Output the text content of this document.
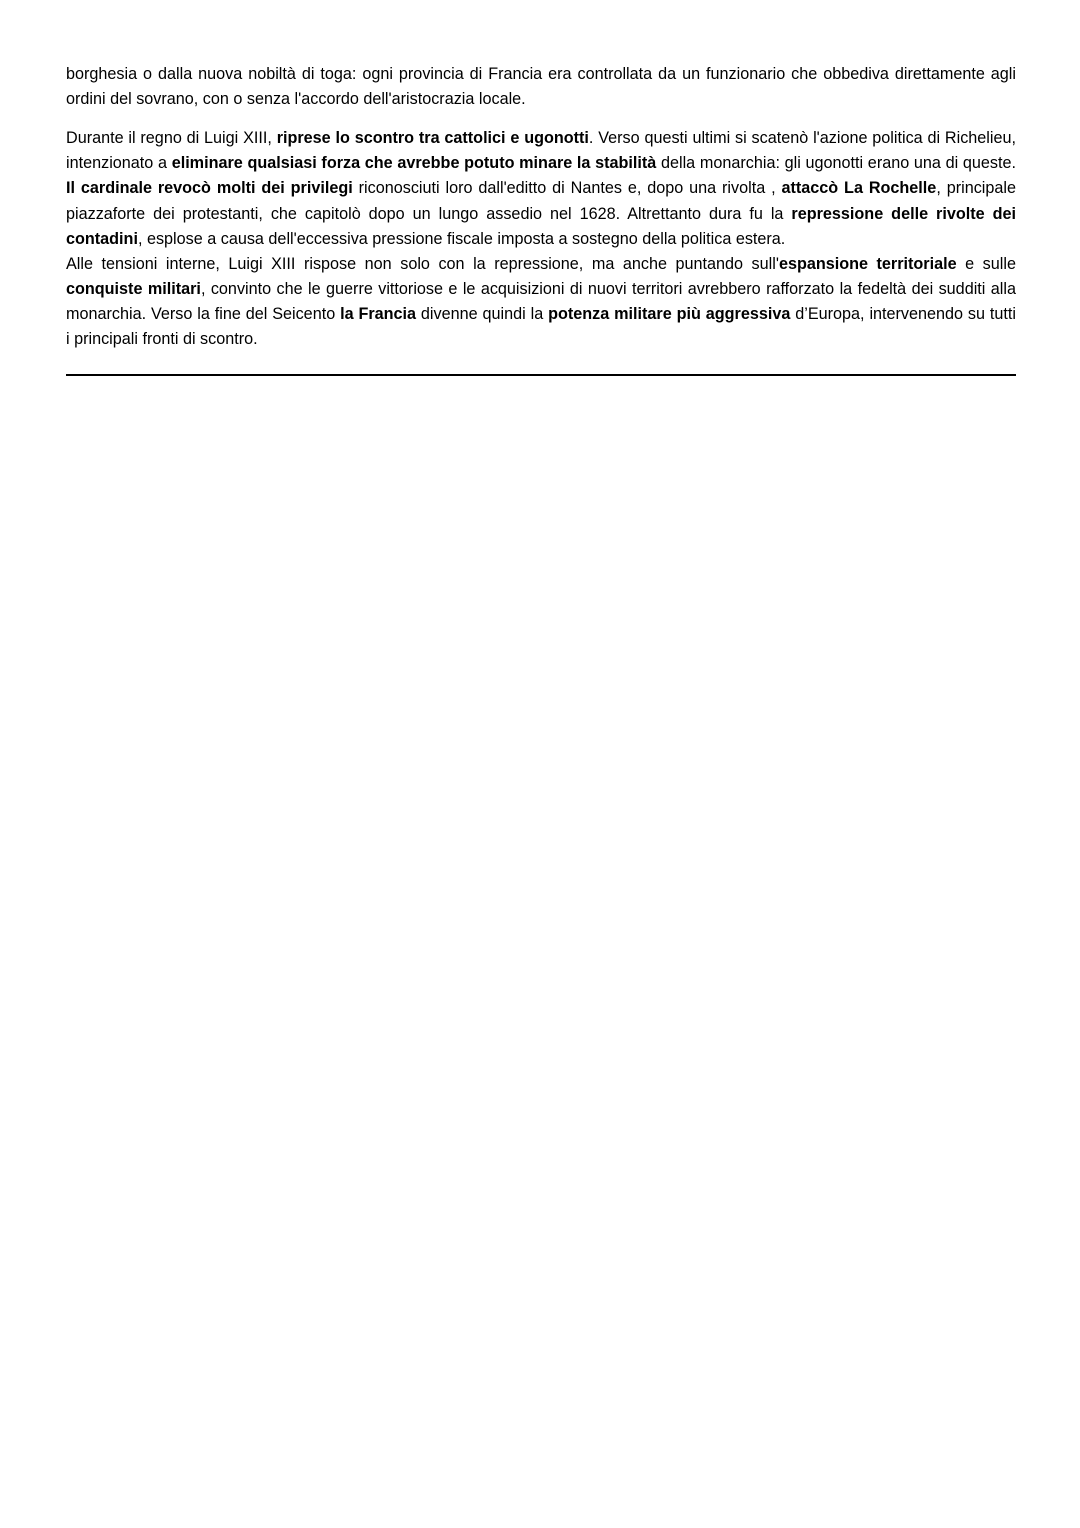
borghesia o dalla nuova nobiltà di toga: ogni provincia di Francia era controllata da un funzionario che obbediva direttamente agli ordini del sovrano, con o senza l'accordo dell'aristocrazia locale.

Durante il regno di Luigi XIII, riprese lo scontro tra cattolici e ugonotti. Verso questi ultimi si scatenò l'azione politica di Richelieu, intenzionato a eliminare qualsiasi forza che avrebbe potuto minare la stabilità della monarchia: gli ugonotti erano una di queste. Il cardinale revocò molti dei privilegi riconosciuti loro dall'editto di Nantes e, dopo una rivolta , attaccò La Rochelle, principale piazzaforte dei protestanti, che capitolò dopo un lungo assedio nel 1628. Altrettanto dura fu la repressione delle rivolte dei contadini, esplose a causa dell'eccessiva pressione fiscale imposta a sostegno della politica estera.

Alle tensioni interne, Luigi XIII rispose non solo con la repressione, ma anche puntando sull'espansione territoriale e sulle conquiste militari, convinto che le guerre vittoriose e le acquisizioni di nuovi territori avrebbero rafforzato la fedeltà dei sudditi alla monarchia. Verso la fine del Seicento la Francia divenne quindi la potenza militare più aggressiva d’Europa, intervenendo su tutti i principali fronti di scontro.
